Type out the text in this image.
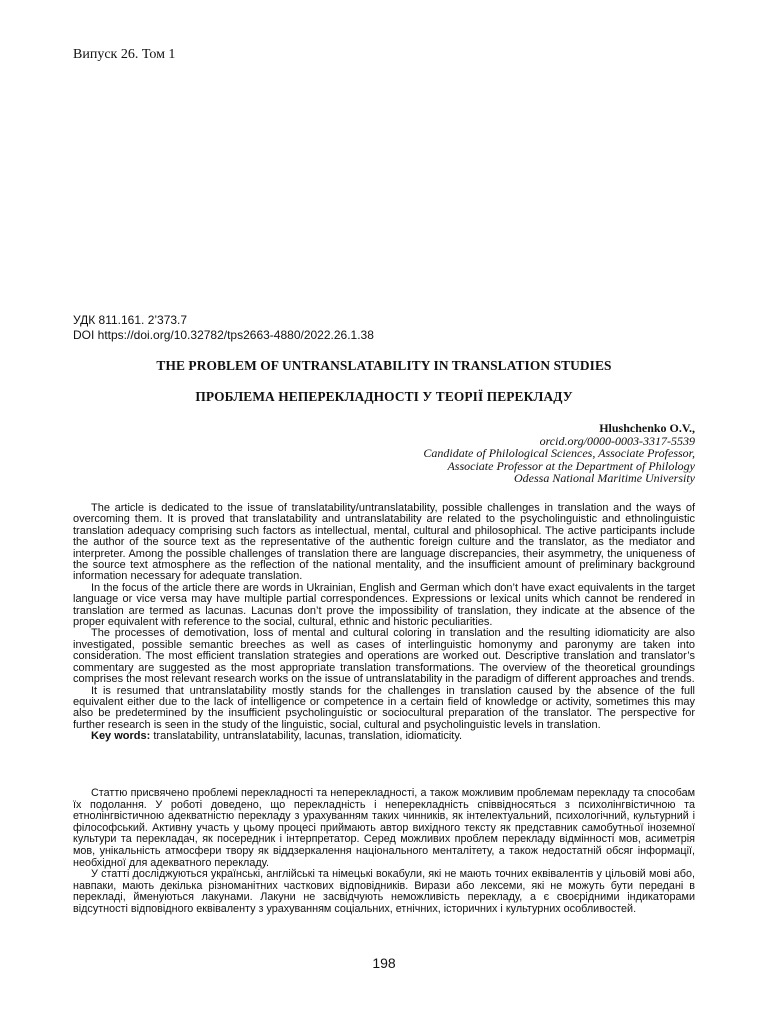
Випуск 26. Том 1
УДК 811.161. 2’373.7
DOI https://doi.org/10.32782/tps2663-4880/2022.26.1.38
THE PROBLEM OF UNTRANSLATABILITY IN TRANSLATION STUDIES
ПРОБЛЕМА НЕПЕРЕКЛАДНОСТІ У ТЕОРІЇ ПЕРЕКЛАДУ
Hlushchenko O.V.,
orcid.org/0000-0003-3317-5539
Candidate of Philological Sciences, Associate Professor,
Associate Professor at the Department of Philology
Odessa National Maritime University

The article is dedicated to the issue of translatability/untranslatability, possible challenges in translation and the ways of overcoming them. It is proved that translatability and untranslatability are related to the psycholinguistic and ethnolinguistic translation adequacy comprising such factors as intellectual, mental, cultural and philosophical. The active participants include the author of the source text as the representative of the authentic foreign culture and the translator, as the mediator and interpreter. Among the possible challenges of translation there are language discrepancies, their asymmetry, the uniqueness of the source text atmosphere as the reflection of the national mentality, and the insufficient amount of preliminary background information necessary for adequate translation.

In the focus of the article there are words in Ukrainian, English and German which don’t have exact equivalents in the target language or vice versa may have multiple partial correspondences. Expressions or lexical units which cannot be rendered in translation are termed as lacunas. Lacunas don’t prove the impossibility of translation, they indicate at the absence of the proper equivalent with reference to the social, cultural, ethnic and historic peculiarities.

The processes of demotivation, loss of mental and cultural coloring in translation and the resulting idiomaticity are also investigated, possible semantic breeches as well as cases of interlinguistic homonymy and paronymy are taken into consideration. The most efficient translation strategies and operations are worked out. Descriptive translation and translator’s commentary are suggested as the most appropriate translation transformations. The overview of the theoretical groundings comprises the most relevant research works on the issue of untranslatability in the paradigm of different approaches and trends.

It is resumed that untranslatability mostly stands for the challenges in translation caused by the absence of the full equivalent either due to the lack of intelligence or competence in a certain field of knowledge or activity, sometimes this may also be predetermined by the insufficient psycholinguistic or sociocultural preparation of the translator. The perspective for further research is seen in the study of the linguistic, social, cultural and psycholinguistic levels in translation.

Key words: translatability, untranslatability, lacunas, translation, idiomaticity.

Статтю присвячено проблемі перекладності та неперекладності, а також можливим проблемам перекладу та способам їх подолання. У роботі доведено, що перекладність і неперекладність співвідносяться з психолінгвістичною та етнолінгвістичною адекватністю перекладу з урахуванням таких чинників, як інтелектуальний, психологічний, культурний і філософський. Активну участь у цьому процесі приймають автор вихідного тексту як представник самобутньої іноземної культури та перекладач, як посередник і інтерпретатор. Серед можливих проблем перекладу відмінності мов, асиметрія мов, унікальність атмосфери твору як віддзеркалення національного менталітету, а також недостатній обсяг інформації, необхідної для адекватного перекладу.

У статті досліджуються українські, англійські та німецькі вокабули, які не мають точних еквівалентів у цільовій мові або, навпаки, мають декілька різноманітних часткових відповідників. Вирази або лексеми, які не можуть бути передані в перекладі, йменуються лакунами. Лакуни не засвідчують неможливість перекладу, а є своєрідними індикаторами відсутності відповідного еквіваленту з урахуванням соціальних, етнічних, історичних і культурних особливостей.

198
